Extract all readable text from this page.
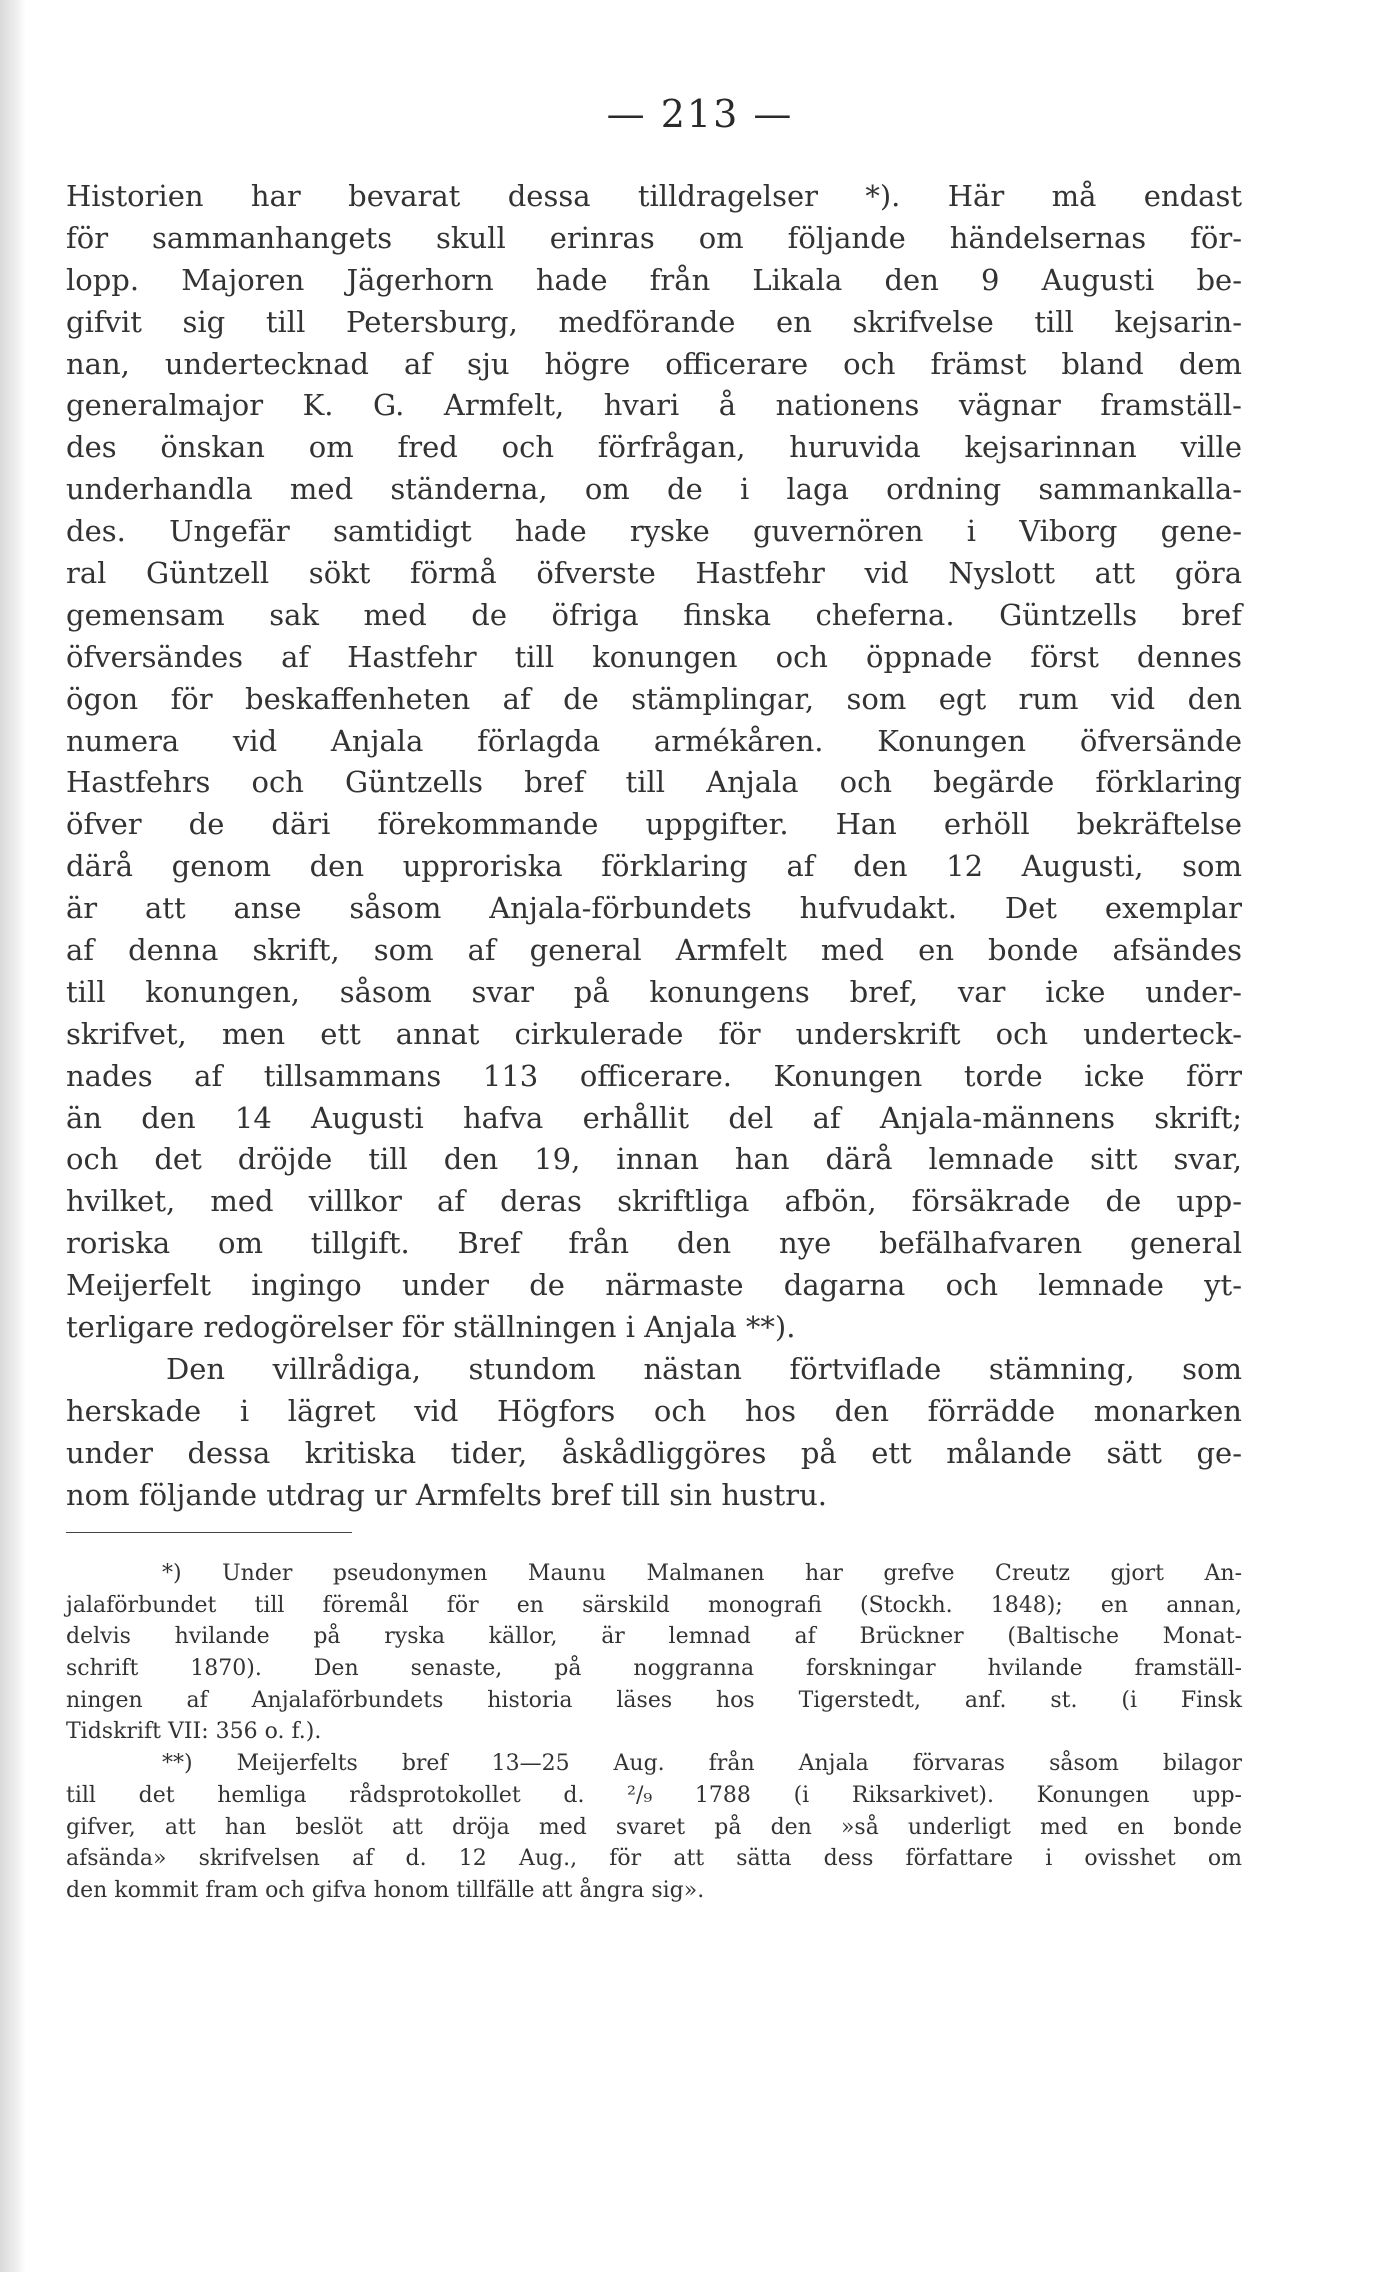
— 213 —
Historien har bevarat dessa tilldragelser *). Här må endast
för sammanhangets skull erinras om följande händelsernas för-
lopp. Majoren Jägerhorn hade från Likala den 9 Augusti be-
gifvit sig till Petersburg, medförande en skrifvelse till kejsarin-
nan, undertecknad af sju högre officerare och främst bland dem
generalmajor K. G. Armfelt, hvari å nationens vägnar framställ-
des önskan om fred och förfrågan, huruvida kejsarinnan ville
underhandla med ständerna, om de i laga ordning sammankalla-
des. Ungefär samtidigt hade ryske guvernören i Viborg gene-
ral Güntzell sökt förmå öfverste Hastfehr vid Nyslott att göra
gemensam sak med de öfriga finska cheferna. Güntzells bref
öfversändes af Hastfehr till konungen och öppnade först dennes
ögon för beskaffenheten af de stämplingar, som egt rum vid den
numera vid Anjala förlagda armékåren. Konungen öfversände
Hastfehrs och Güntzells bref till Anjala och begärde förklaring
öfver de däri förekommande uppgifter. Han erhöll bekräftelse
därå genom den upproriska förklaring af den 12 Augusti, som
är att anse såsom Anjala-förbundets hufvudakt. Det exemplar
af denna skrift, som af general Armfelt med en bonde afsändes
till konungen, såsom svar på konungens bref, var icke under-
skrifvet, men ett annat cirkulerade för underskrift och underteck-
nades af tillsammans 113 officerare. Konungen torde icke förr
än den 14 Augusti hafva erhållit del af Anjala-männens skrift;
och det dröjde till den 19, innan han därå lemnade sitt svar,
hvilket, med villkor af deras skriftliga afbön, försäkrade de upp-
roriska om tillgift. Bref från den nye befälhafvaren general
Meijerfelt ingingo under de närmaste dagarna och lemnade yt-
terligare redogörelser för ställningen i Anjala **).
Den villrådiga, stundom nästan förtviflade stämning, som
herskade i lägret vid Högfors och hos den förrädde monarken
under dessa kritiska tider, åskådliggöres på ett målande sätt ge-
nom följande utdrag ur Armfelts bref till sin hustru.
*) Under pseudonymen Maunu Malmanen har grefve Creutz gjort An-
jalaförbundet till föremål för en särskild monografi (Stockh. 1848); en annan,
delvis hvilande på ryska källor, är lemnad af Brückner (Baltische Monat-
schrift 1870). Den senaste, på noggranna forskningar hvilande framställ-
ningen af Anjalaförbundets historia läses hos Tigerstedt, anf. st. (i Finsk
Tidskrift VII: 356 o. f.).
**) Meijerfelts bref 13—25 Aug. från Anjala förvaras såsom bilagor
till det hemliga rådsprotokollet d. ²/₉ 1788 (i Riksarkivet). Konungen upp-
gifver, att han beslöt att dröja med svaret på den »så underligt med en bonde
afsända» skrifvelsen af d. 12 Aug., för att sätta dess författare i ovisshet om
den kommit fram och gifva honom tillfälle att ångra sig».
